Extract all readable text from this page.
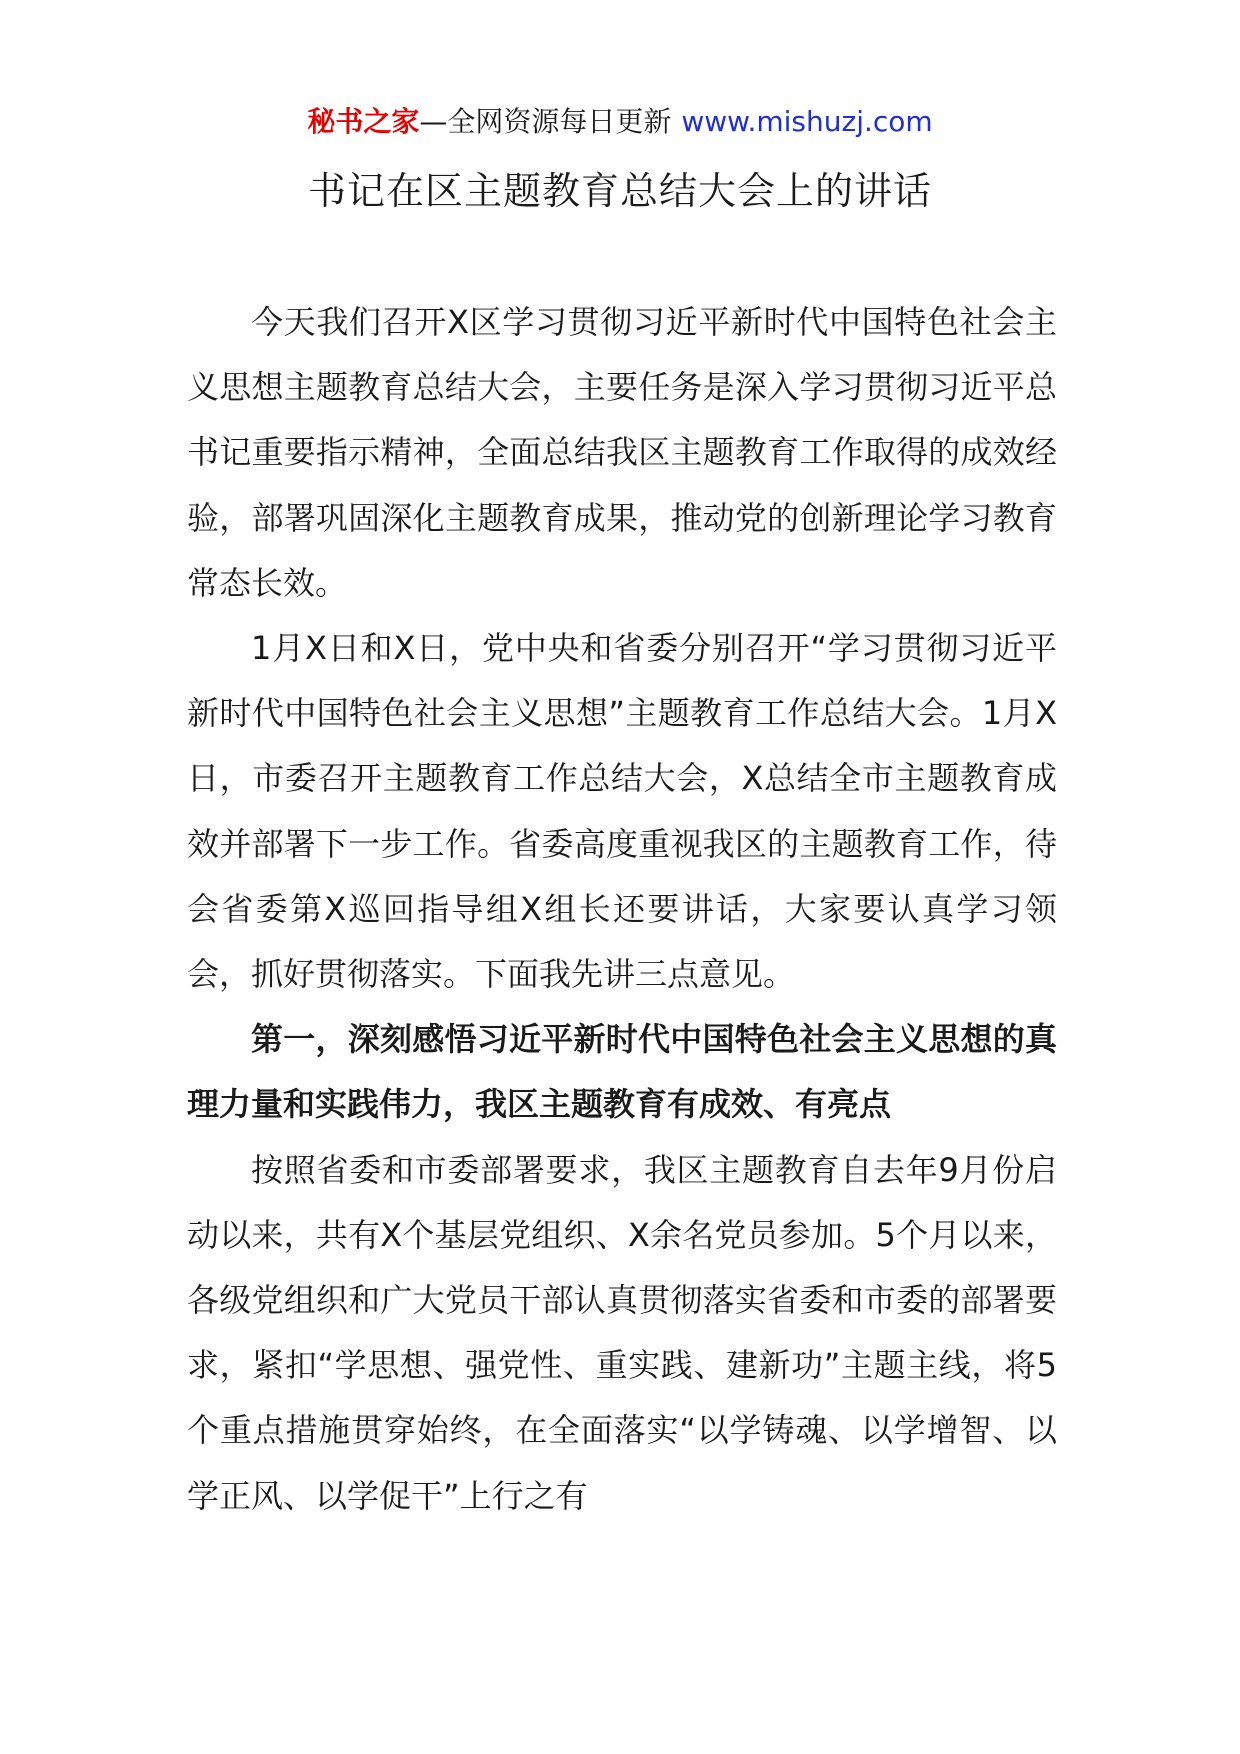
秘书之家—全网资源每日更新 www.mishuzj.com
书记在区主题教育总结大会上的讲话

今天我们召开X区学习贯彻习近平新时代中国特色社会主义思想主题教育总结大会，主要任务是深入学习贯彻习近平总书记重要指示精神，全面总结我区主题教育工作取得的成效经验，部署巩固深化主题教育成果，推动党的创新理论学习教育常态长效。

1月X日和X日，党中央和省委分别召开“学习贯彻习近平新时代中国特色社会主义思想”主题教育工作总结大会。1月X日，市委召开主题教育工作总结大会，X总结全市主题教育成效并部署下一步工作。省委高度重视我区的主题教育工作，待会省委第X巡回指导组X组长还要讲话，大家要认真学习领会，抓好贯彻落实。下面我先讲三点意见。

第一，深刻感悟习近平新时代中国特色社会主义思想的真理力量和实践伟力，我区主题教育有成效、有亮点

按照省委和市委部署要求，我区主题教育自去年9月份启动以来，共有X个基层党组织、X余名党员参加。5个月以来，各级党组织和广大党员干部认真贯彻落实省委和市委的部署要求，紧扣“学思想、强党性、重实践、建新功”主题主线，将5个重点措施贯穿始终，在全面落实“以学铸魂、以学增智、以学正风、以学促干”上行之有
